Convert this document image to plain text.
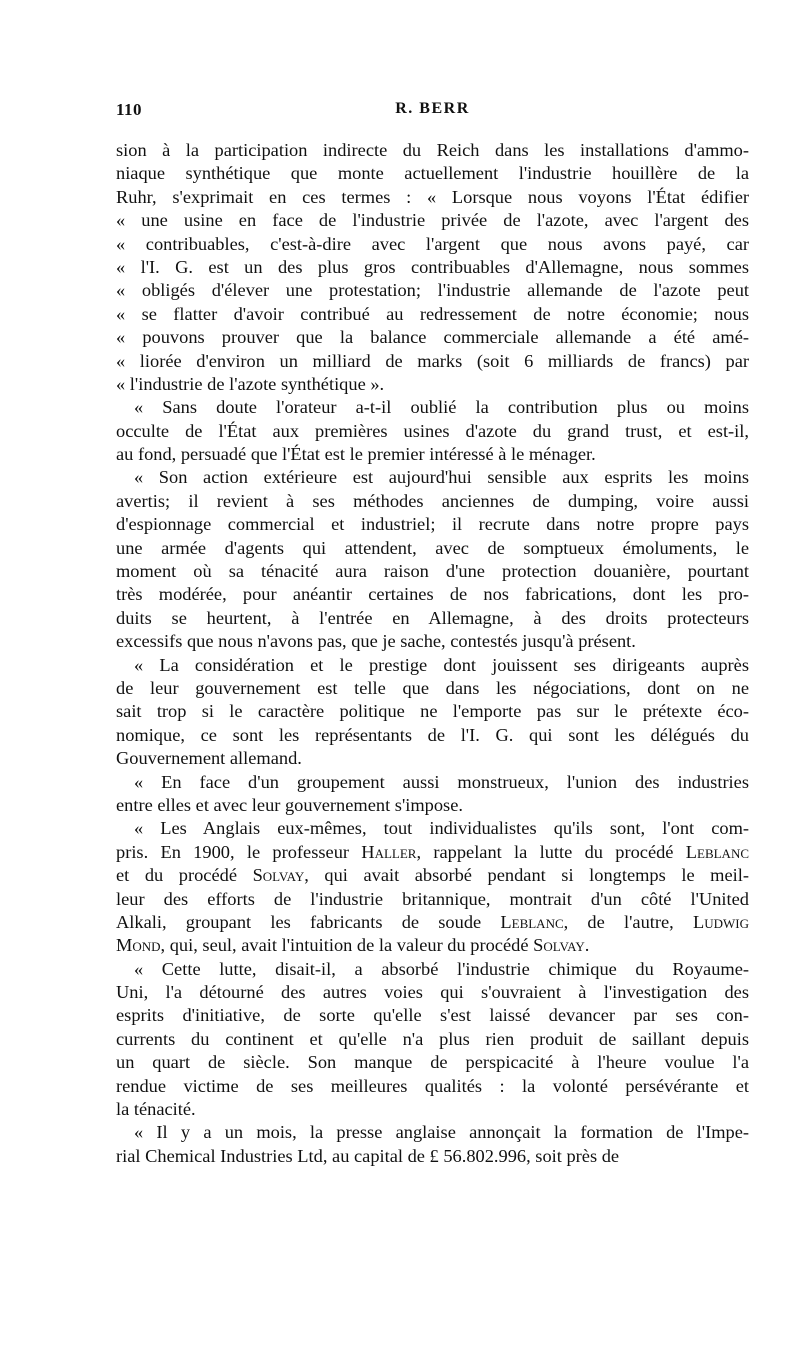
110	R. BERR
sion à la participation indirecte du Reich dans les installations d'ammo-
niaque synthétique que monte actuellement l'industrie houillère de la
Ruhr, s'exprimait en ces termes : « Lorsque nous voyons l'État édifier
« une usine en face de l'industrie privée de l'azote, avec l'argent des
« contribuables, c'est-à-dire avec l'argent que nous avons payé, car
« l'I. G. est un des plus gros contribuables d'Allemagne, nous sommes
« obligés d'élever une protestation; l'industrie allemande de l'azote peut
« se flatter d'avoir contribué au redressement de notre économie; nous
« pouvons prouver que la balance commerciale allemande a été amé-
« liorée d'environ un milliard de marks (soit 6 milliards de francs) par
« l'industrie de l'azote synthétique ».
« Sans doute l'orateur a-t-il oublié la contribution plus ou moins
occulte de l'État aux premières usines d'azote du grand trust, et est-il,
au fond, persuadé que l'État est le premier intéressé à le ménager.
« Son action extérieure est aujourd'hui sensible aux esprits les moins
avertis; il revient à ses méthodes anciennes de dumping, voire aussi
d'espionnage commercial et industriel; il recrute dans notre propre pays
une armée d'agents qui attendent, avec de somptueux émoluments, le
moment où sa ténacité aura raison d'une protection douanière, pourtant
très modérée, pour anéantir certaines de nos fabrications, dont les pro-
duits se heurtent, à l'entrée en Allemagne, à des droits protecteurs
excessifs que nous n'avons pas, que je sache, contestés jusqu'à présent.
« La considération et le prestige dont jouissent ses dirigeants auprès
de leur gouvernement est telle que dans les négociations, dont on ne
sait trop si le caractère politique ne l'emporte pas sur le prétexte éco-
nomique, ce sont les représentants de l'I. G. qui sont les délégués du
Gouvernement allemand.
« En face d'un groupement aussi monstrueux, l'union des industries
entre elles et avec leur gouvernement s'impose.
« Les Anglais eux-mêmes, tout individualistes qu'ils sont, l'ont com-
pris. En 1900, le professeur Haller, rappelant la lutte du procédé Leblanc
et du procédé Solvay, qui avait absorbé pendant si longtemps le meil-
leur des efforts de l'industrie britannique, montrait d'un côté l'United
Alkali, groupant les fabricants de soude Leblanc, de l'autre, Ludwig
Mond, qui, seul, avait l'intuition de la valeur du procédé Solvay.
« Cette lutte, disait-il, a absorbé l'industrie chimique du Royaume-
Uni, l'a détourné des autres voies qui s'ouvraient à l'investigation des
esprits d'initiative, de sorte qu'elle s'est laissé devancer par ses con-
currents du continent et qu'elle n'a plus rien produit de saillant depuis
un quart de siècle. Son manque de perspicacité à l'heure voulue l'a
rendue victime de ses meilleures qualités : la volonté persévérante et
la ténacité.
« Il y a un mois, la presse anglaise annonçait la formation de l'Impe-
rial Chemical Industries Ltd, au capital de £ 56.802.996, soit près de
